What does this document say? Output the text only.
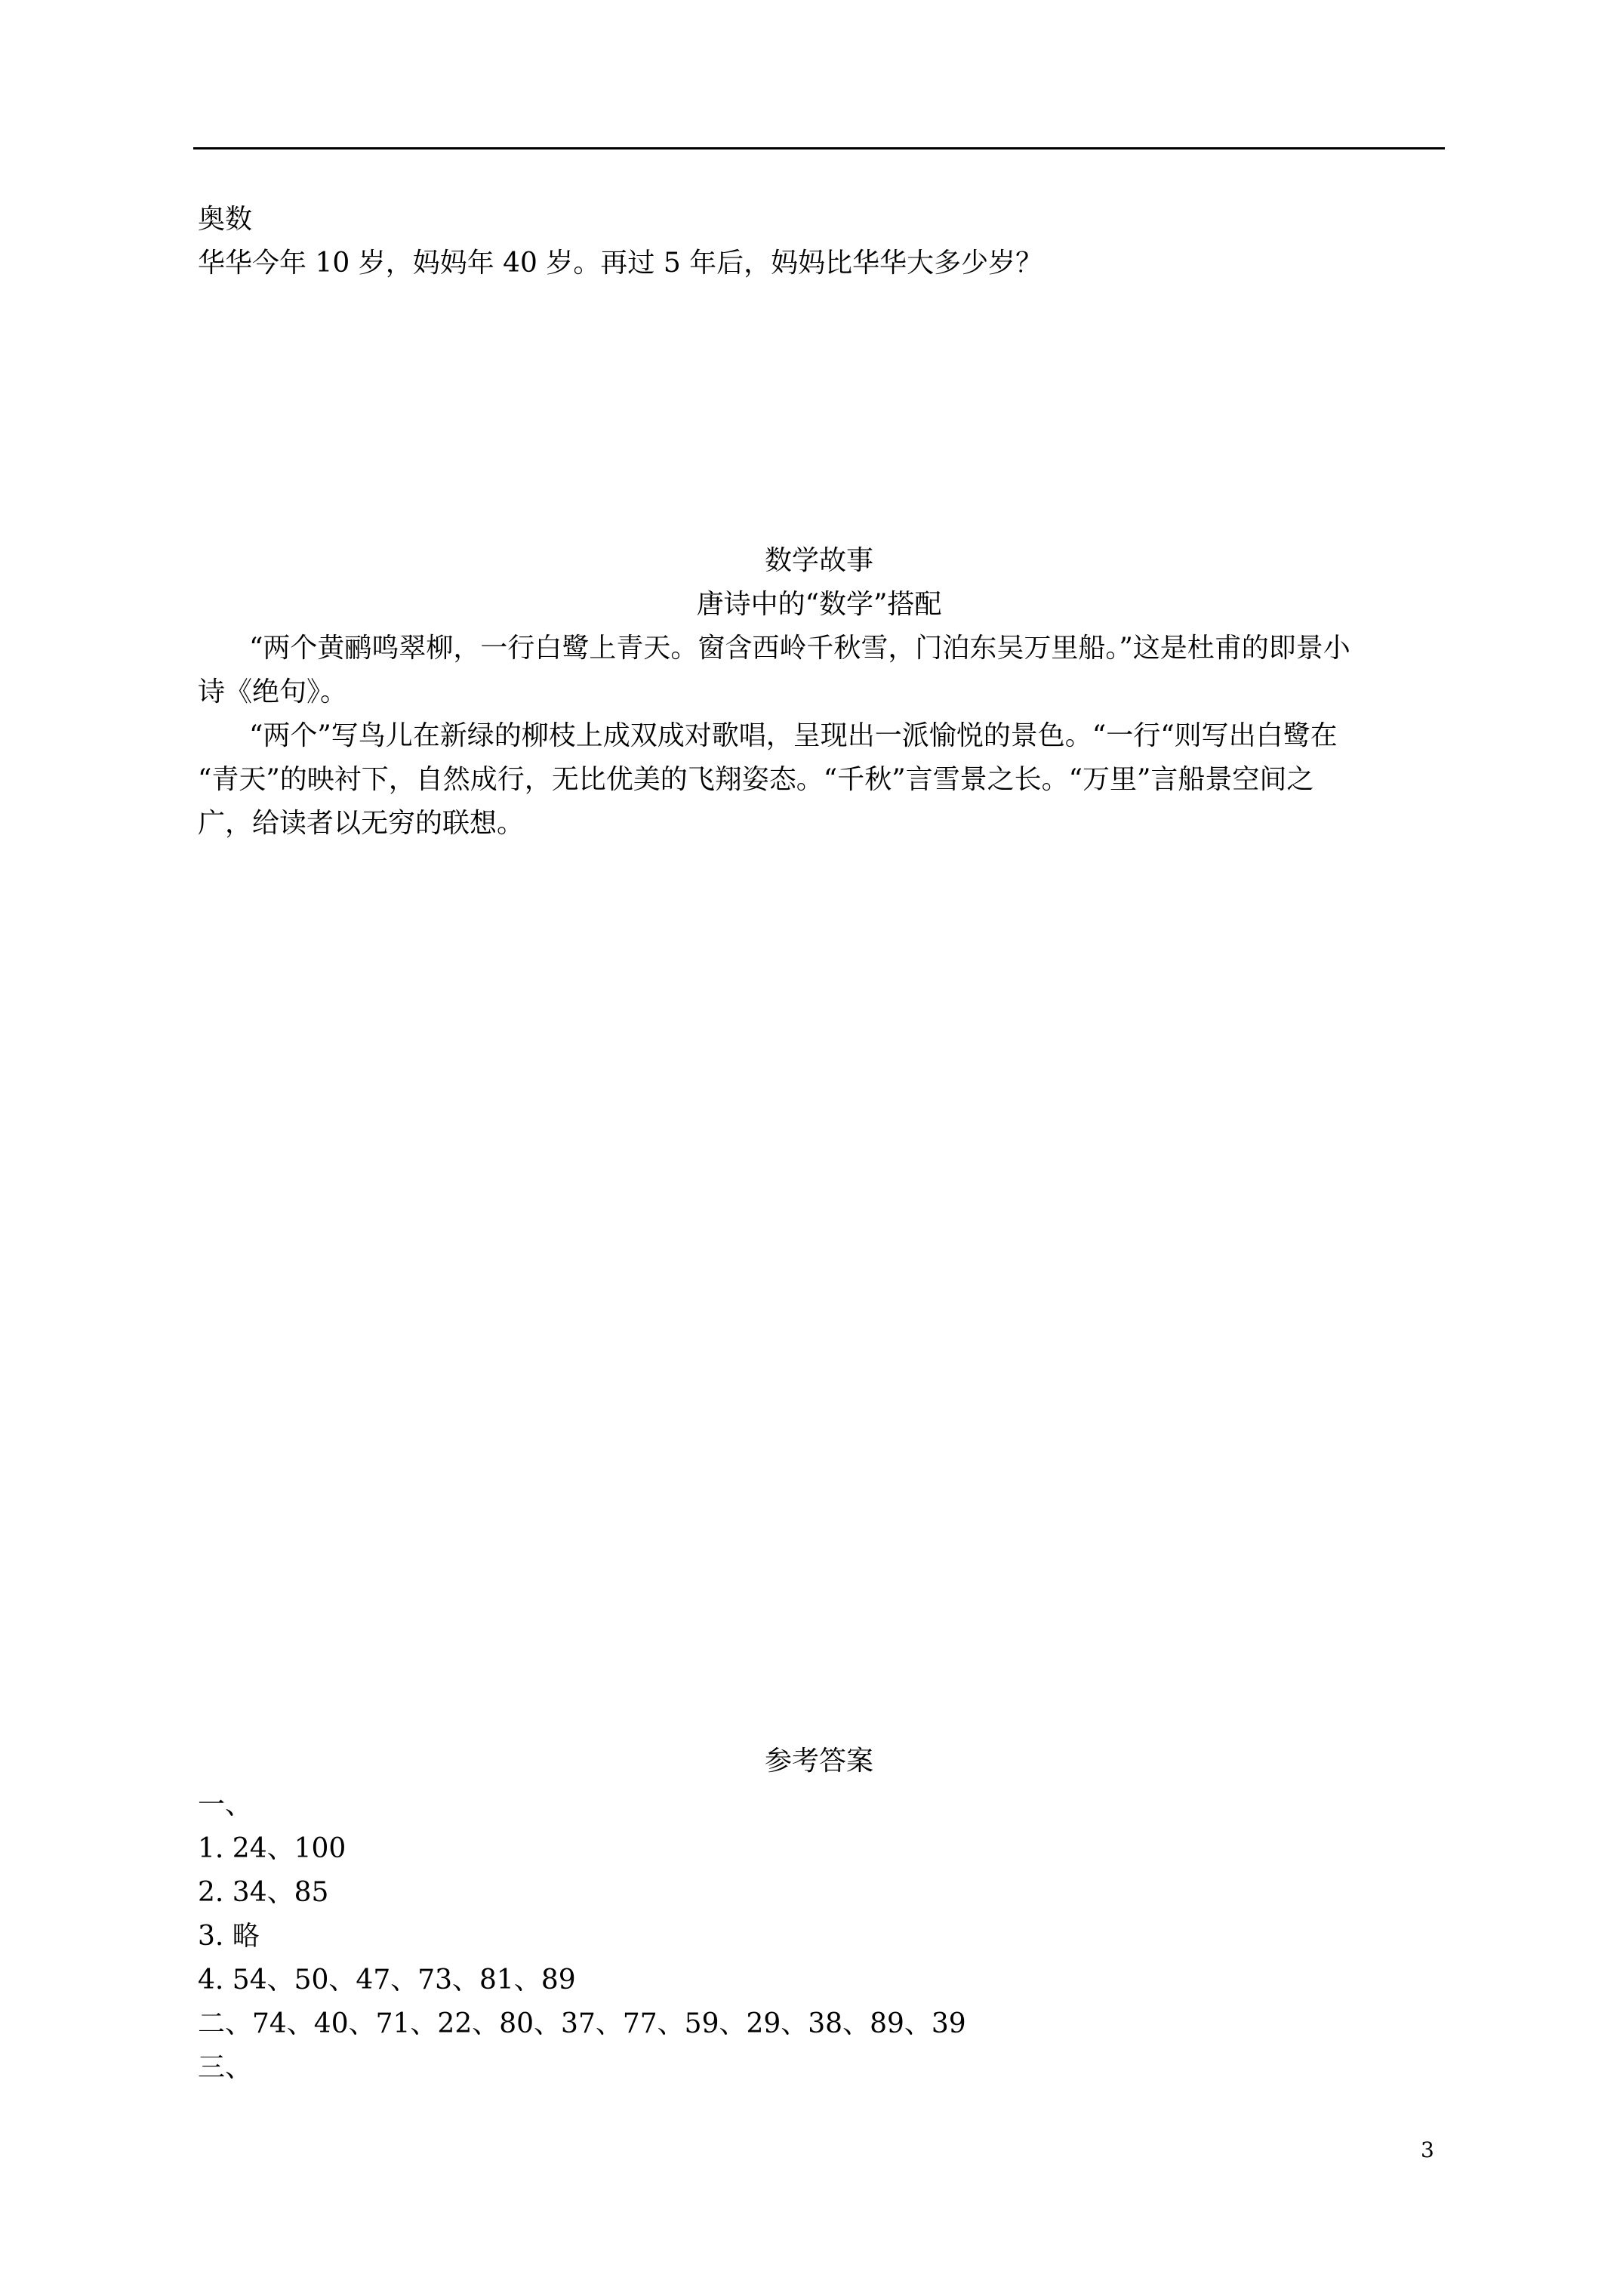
奥数

华华今年 10 岁，妈妈年 40 岁。再过 5 年后，妈妈比华华大多少岁？

数学故事

唐诗中的“数学”搭配

“两个黄鹂鸣翠柳，一行白鹭上青天。窗含西岭千秋雪，门泊东吴万里船。”这是杜甫的即景小

诗《绝句》。

“两个”写鸟儿在新绿的柳枝上成双成对歌唱，呈现出一派愉悦的景色。“一行“则写出白鹭在

“青天”的映衬下，自然成行，无比优美的飞翔姿态。“千秋”言雪景之长。“万里”言船景空间之

广，给读者以无穷的联想。

参考答案

一、

1. 24、100

2. 34、85

3. 略

4. 54、50、47、73、81、89

二、74、40、71、22、80、37、77、59、29、38、89、39

三、

3
